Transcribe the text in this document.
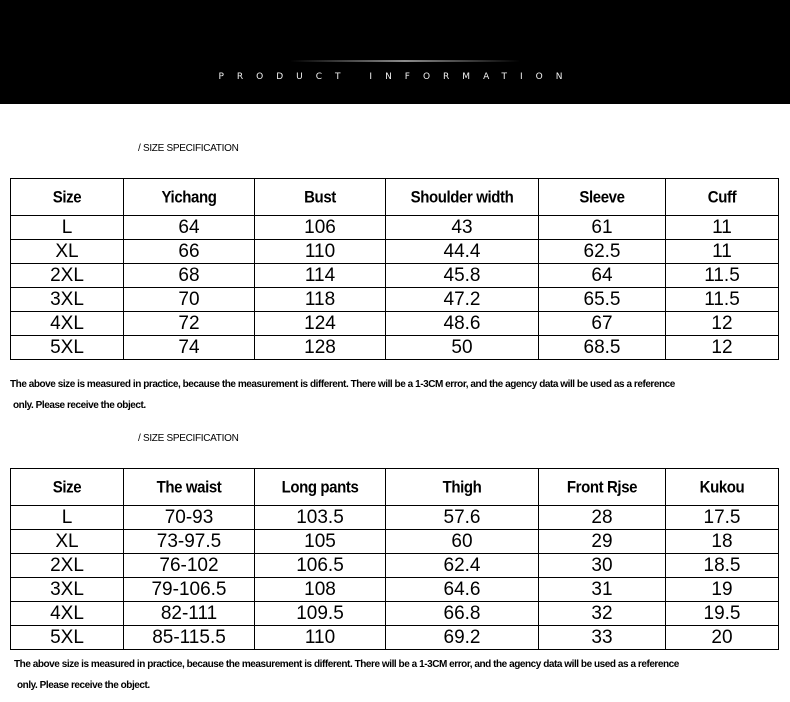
PRODUCT INFORMATION
/ SIZE SPECIFICATION
Size	Yichang	Bust	Shoulder width	Sleeve	Cuff
L	64	106	43	61	11
XL	66	110	44.4	62.5	11
2XL	68	114	45.8	64	11.5
3XL	70	118	47.2	65.5	11.5
4XL	72	124	48.6	67	12
5XL	74	128	50	68.5	12
The above size is measured in practice, because the measurement is different. There will be a 1-3CM error, and the agency data will be used as a reference
only. Please receive the object.
/ SIZE SPECIFICATION
Size	The waist	Long pants	Thigh	Front Rjse	Kukou
L	70-93	103.5	57.6	28	17.5
XL	73-97.5	105	60	29	18
2XL	76-102	106.5	62.4	30	18.5
3XL	79-106.5	108	64.6	31	19
4XL	82-111	109.5	66.8	32	19.5
5XL	85-115.5	110	69.2	33	20
The above size is measured in practice, because the measurement is different. There will be a 1-3CM error, and the agency data will be used as a reference
only. Please receive the object.
